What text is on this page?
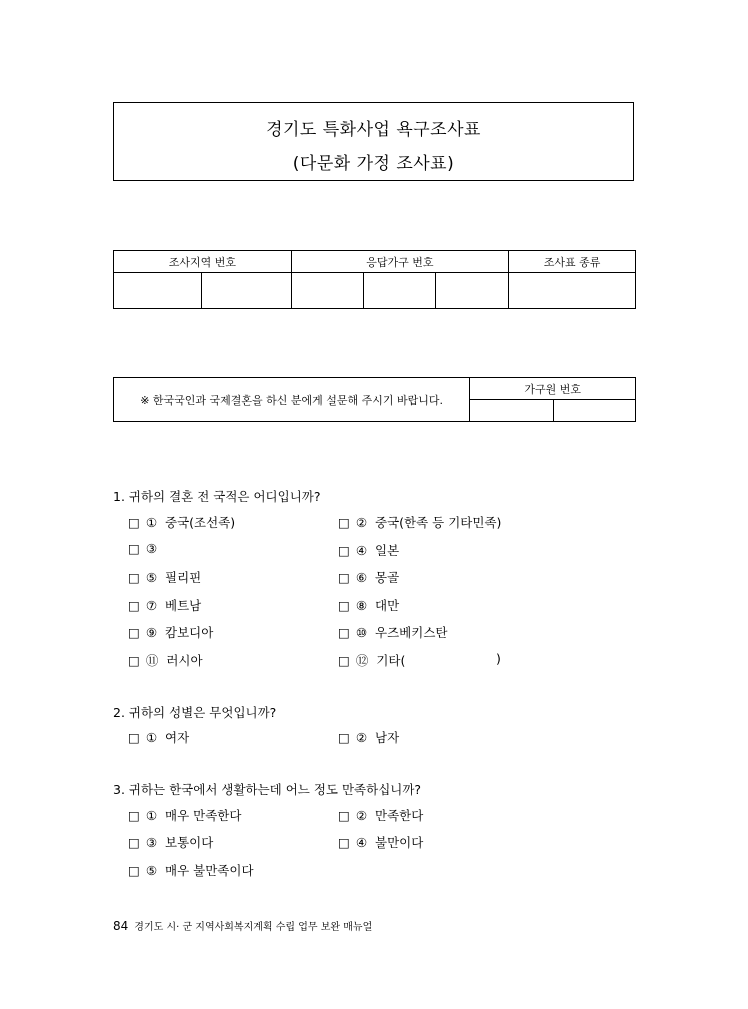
경기도 특화사업 욕구조사표
(다문화 가정 조사표)
조사지역 번호		응답가구 번호			조사표 종류

※ 한국국인과 국제결혼을 하신 분에게 설문해 주시기 바랍니다.	가구원 번호	

1. 귀하의 결혼 전 국적은 어디입니까?
□ ① 중국(조선족)	□ ② 중국(한족 등 기타민족)
□ ③	□ ④ 일본
□ ⑤ 필리핀	□ ⑥ 몽골
□ ⑦ 베트남	□ ⑧ 대만
□ ⑨ 캄보디아	□ ⑩ 우즈베키스탄
□ ⑪ 러시아	□ ⑫ 기타(	)
2. 귀하의 성별은 무엇입니까?
□ ① 여자	□ ② 남자
3. 귀하는 한국에서 생활하는데 어느 정도 만족하십니까?
□ ① 매우 만족한다	□ ② 만족한다
□ ③ 보통이다	□ ④ 불만이다
□ ⑤ 매우 불만족이다
84 경기도 시· 군 지역사회복지계획 수립 업무 보완 매뉴얼
